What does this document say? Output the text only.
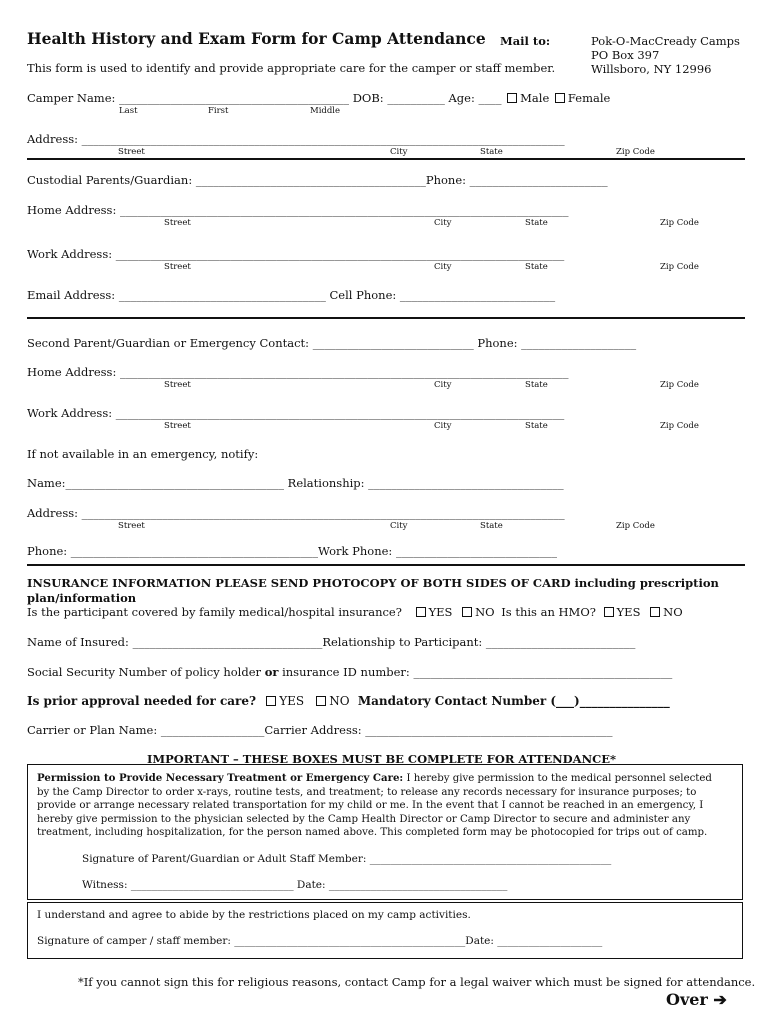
Health History and Exam Form for Camp Attendance Mail to:	Pok-O-MacCready Camps
PO Box 397
Willsboro, NY 12996
This form is used to identify and provide appropriate care for the camper or staff member.
Camper Name: ________________________________________ DOB: __________ Age: ____ Male Female
Last	First	Middle
Address: ____________________________________________________________________________________
Street	City	State	Zip Code
Custodial Parents/Guardian: ________________________________________Phone: ________________________
Home Address: ______________________________________________________________________________
Street	City	State	Zip Code
Work Address: ______________________________________________________________________________
Street	City	State	Zip Code
Email Address: ____________________________________ Cell Phone: ___________________________
Second Parent/Guardian or Emergency Contact: ____________________________ Phone: ____________________
Home Address: ______________________________________________________________________________
Street	City	State	Zip Code
Work Address: ______________________________________________________________________________
Street	City	State	Zip Code
If not available in an emergency, notify:
Name:______________________________________ Relationship: __________________________________
Address: ____________________________________________________________________________________
Street	City	State	Zip Code
Phone: ___________________________________________Work Phone: ____________________________
INSURANCE INFORMATION PLEASE SEND PHOTOCOPY OF BOTH SIDES OF CARD including prescription
plan/information
Is the participant covered by family medical/hospital insurance? YES NO Is this an HMO? YES NO
Name of Insured: _________________________________Relationship to Participant: __________________________
Social Security Number of policy holder or insurance ID number: _____________________________________________
Is prior approval needed for care? YES NO Mandatory Contact Number (___)_______________
Carrier or Plan Name: __________________Carrier Address: ___________________________________________
IMPORTANT – THESE BOXES MUST BE COMPLETE FOR ATTENDANCE*
Permission to Provide Necessary Treatment or Emergency Care: I hereby give permission to the medical personnel selected by the Camp Director to order x-rays, routine tests, and treatment; to release any records necessary for insurance purposes; to provide or arrange necessary related transportation for my child or me. In the event that I cannot be reached in an emergency, I hereby give permission to the physician selected by the Camp Health Director or Camp Director to secure and administer any treatment, including hospitalization, for the person named above. This completed form may be photocopied for trips out of camp.
Signature of Parent/Guardian or Adult Staff Member: ______________________________________________
Witness: _______________________________ Date: __________________________________
I understand and agree to abide by the restrictions placed on my camp activities.
Signature of camper / staff member: ____________________________________________Date: ____________________
*If you cannot sign this for religious reasons, contact Camp for a legal waiver which must be signed for attendance.
Over ➔
